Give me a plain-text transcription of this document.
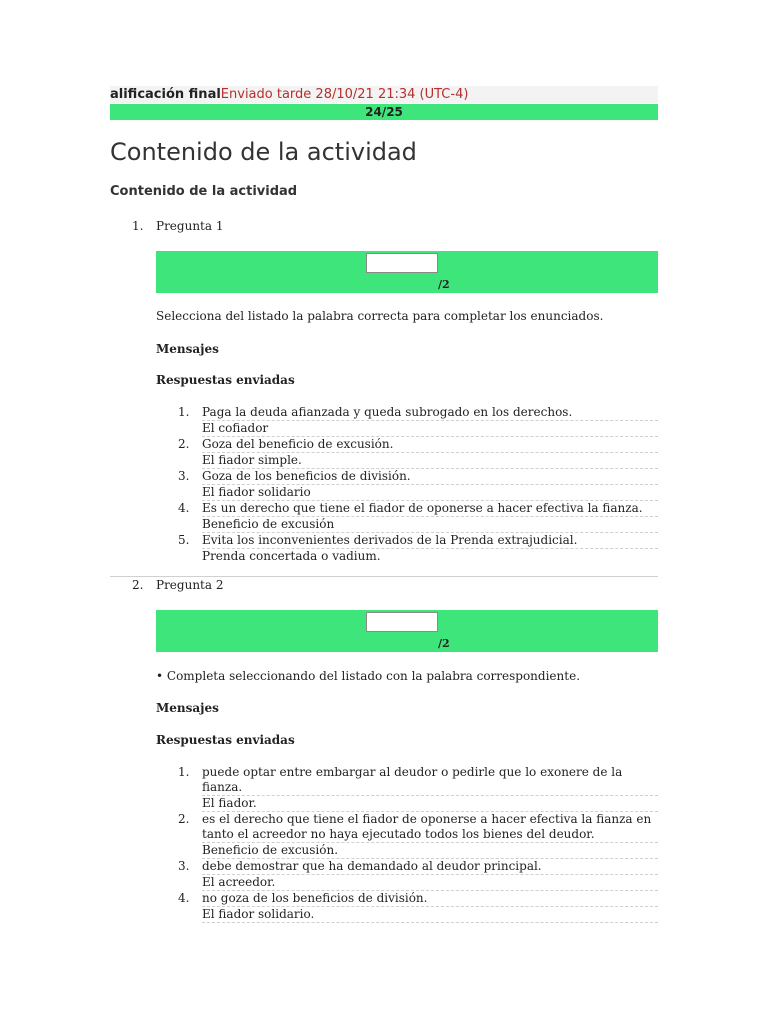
alificación finalEnviado tarde 28/10/21 21:34 (UTC-4)
24/25
Contenido de la actividad
Contenido de la actividad
1. Pregunta 1
/2

Selecciona del listado la palabra correcta para completar los enunciados.

Mensajes

Respuestas enviadas

1. Paga la deuda afianzada y queda subrogado en los derechos.
El cofiador
2. Goza del beneficio de excusión.
El fiador simple.
3. Goza de los beneficios de división.
El fiador solidario
4. Es un derecho que tiene el fiador de oponerse a hacer efectiva la fianza.
Beneficio de excusión
5. Evita los inconvenientes derivados de la Prenda extrajudicial.
Prenda concertada o vadium.
2. Pregunta 2
/2

• Completa seleccionando del listado con la palabra correspondiente.

Mensajes

Respuestas enviadas

1. puede optar entre embargar al deudor o pedirle que lo exonere de la fianza.
El fiador.
2. es el derecho que tiene el fiador de oponerse a hacer efectiva la fianza en tanto el acreedor no haya ejecutado todos los bienes del deudor.
Beneficio de excusión.
3. debe demostrar que ha demandado al deudor principal.
El acreedor.
4. no goza de los beneficios de división.
El fiador solidario.
